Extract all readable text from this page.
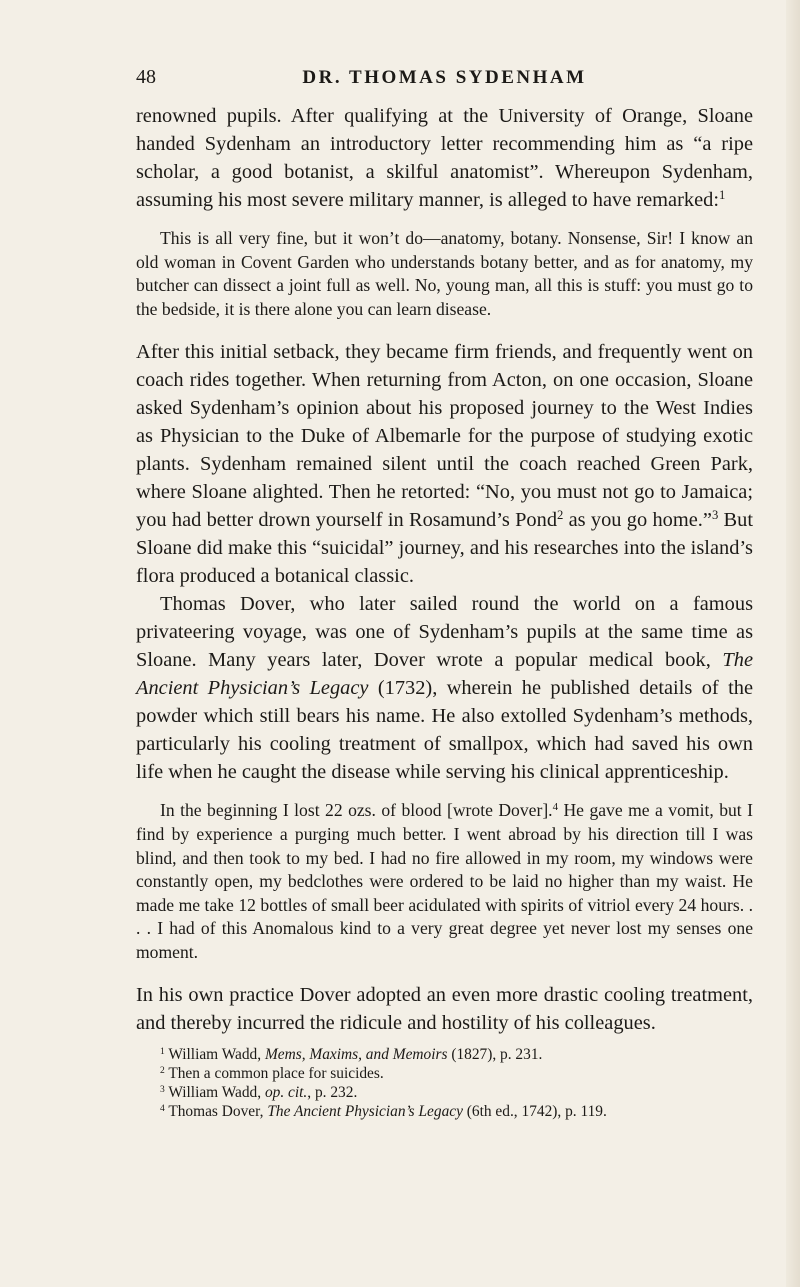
48	DR. THOMAS SYDENHAM

renowned pupils. After qualifying at the University of Orange, Sloane handed Sydenham an introductory letter recommending him as “a ripe scholar, a good botanist, a skilful anatomist”. Whereupon Sydenham, assuming his most severe military manner, is alleged to have remarked:$^1$

This is all very fine, but it won’t do—anatomy, botany. Nonsense, Sir! I know an old woman in Covent Garden who understands botany better, and as for anatomy, my butcher can dissect a joint full as well. No, young man, all this is stuff: you must go to the bedside, it is there alone you can learn disease.

After this initial setback, they became firm friends, and frequently went on coach rides together. When returning from Acton, on one occasion, Sloane asked Sydenham’s opinion about his proposed journey to the West Indies as Physician to the Duke of Albemarle for the purpose of studying exotic plants. Sydenham remained silent until the coach reached Green Park, where Sloane alighted. Then he retorted: “No, you must not go to Jamaica; you had better drown yourself in Rosamund’s Pond$^2$ as you go home.”$^3$ But Sloane did make this “suicidal” journey, and his researches into the island’s flora produced a botanical classic.

Thomas Dover, who later sailed round the world on a famous privateering voyage, was one of Sydenham’s pupils at the same time as Sloane. Many years later, Dover wrote a popular medical book, The Ancient Physician’s Legacy (1732), wherein he published details of the powder which still bears his name. He also extolled Sydenham’s methods, particularly his cooling treatment of smallpox, which had saved his own life when he caught the disease while serving his clinical apprenticeship.

In the beginning I lost 22 ozs. of blood [wrote Dover].$^4$ He gave me a vomit, but I find by experience a purging much better. I went abroad by his direction till I was blind, and then took to my bed. I had no fire allowed in my room, my windows were constantly open, my bedclothes were ordered to be laid no higher than my waist. He made me take 12 bottles of small beer acidulated with spirits of vitriol every 24 hours. . . . I had of this Anomalous kind to a very great degree yet never lost my senses one moment.

In his own practice Dover adopted an even more drastic cooling treatment, and thereby incurred the ridicule and hostility of his colleagues.

$^1$ William Wadd, Mems, Maxims, and Memoirs (1827), p. 231.
$^2$ Then a common place for suicides.
$^3$ William Wadd, op. cit., p. 232.
$^4$ Thomas Dover, The Ancient Physician’s Legacy (6th ed., 1742), p. 119.
